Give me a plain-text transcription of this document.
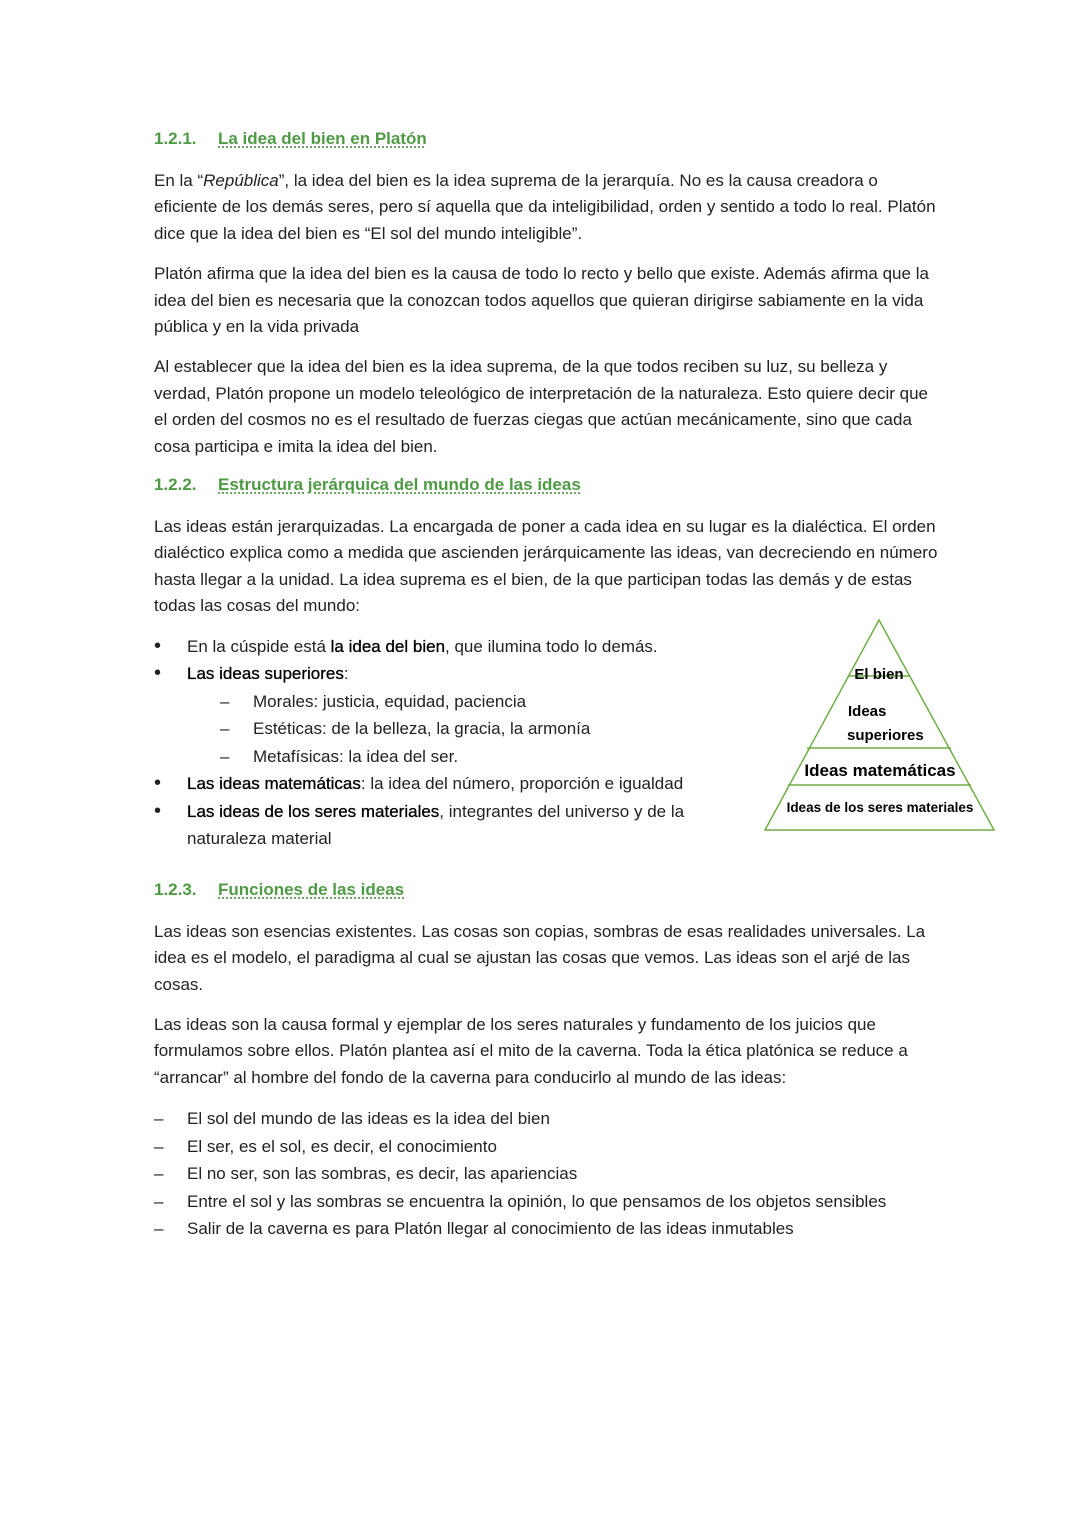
1.2.1. La idea del bien en Platón

En la “República”, la idea del bien es la idea suprema de la jerarquía. No es la causa creadora o eficiente de los demás seres, pero sí aquella que da inteligibilidad, orden y sentido a todo lo real. Platón dice que la idea del bien es “El sol del mundo inteligible”.

Platón afirma que la idea del bien es la causa de todo lo recto y bello que existe. Además afirma que la idea del bien es necesaria que la conozcan todos aquellos que quieran dirigirse sabiamente en la vida pública y en la vida privada

Al establecer que la idea del bien es la idea suprema, de la que todos reciben su luz, su belleza y verdad, Platón propone un modelo teleológico de interpretación de la naturaleza. Esto quiere decir que el orden del cosmos no es el resultado de fuerzas ciegas que actúan mecánicamente, sino que cada cosa participa e imita la idea del bien.

1.2.2. Estructura jerárquica del mundo de las ideas

Las ideas están jerarquizadas. La encargada de poner a cada idea en su lugar es la dialéctica. El orden dialéctico explica como a medida que ascienden jerárquicamente las ideas, van decreciendo en número hasta llegar a la unidad. La idea suprema es el bien, de la que participan todas las demás y de estas todas las cosas del mundo:

• En la cúspide está la idea del bien, que ilumina todo lo demás.
• Las ideas superiores:
– Morales: justicia, equidad, paciencia
– Estéticas: de la belleza, la gracia, la armonía
– Metafísicas: la idea del ser.
• Las ideas matemáticas: la idea del número, proporción e igualdad
• Las ideas de los seres materiales, integrantes del universo y de la naturaleza material
1.2.3. Funciones de las ideas

Las ideas son esencias existentes. Las cosas son copias, sombras de esas realidades universales. La idea es el modelo, el paradigma al cual se ajustan las cosas que vemos. Las ideas son el arjé de las cosas.

Las ideas son la causa formal y ejemplar de los seres naturales y fundamento de los juicios que formulamos sobre ellos. Platón plantea así el mito de la caverna. Toda la ética platónica se reduce a “arrancar” al hombre del fondo de la caverna para conducirlo al mundo de las ideas:

– El sol del mundo de las ideas es la idea del bien
– El ser, es el sol, es decir, el conocimiento
– El no ser, son las sombras, es decir, las apariencias
– Entre el sol y las sombras se encuentra la opinión, lo que pensamos de los objetos sensibles
– Salir de la caverna es para Platón llegar al conocimiento de las ideas inmutables
El bien
Ideas
superiores
Ideas matemáticas
Ideas de los seres materiales
